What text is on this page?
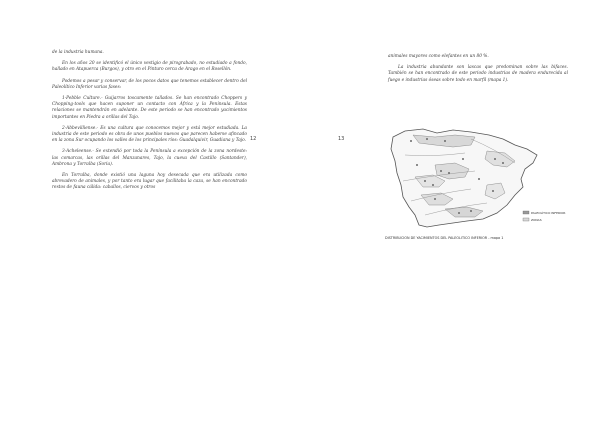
de la industria humana.

En los años 20 se identificó el único vestigio de pirograbado, no estudiado a fondo, hallado en Atapuerca (Burgos), y otro en el Pinturo cerca de Arago en el Rosellón.

Podemos a pesar y conservar, de los pocos datos que tenemos establecer dentro del Paleolítico Inferior varias fases:

1-Pebble Culture.- Guijarros toscamente tallados. Se han encontrado Choppers y Chopping-tools que hacen suponer un contacto con África y la Península. Estas relaciones se mantendrán en adelante. De este periodo se han encontrado yacimientos importantes en Piedra a orillas del Tajo.

2-Abbevilliense.- Es una cultura que conocemos mejor y está mejor estudiada. La industria de este periodo es obra de unos pueblos nuevos que parecen haberse afincado en la zona Sur ocupando los valles de los principales ríos: Guadalquivir, Guadiana y Tajo.

3-Acheleense.- Se extendió por toda la Península a excepción de la zona nordeste: las comarcas, las orillas del Manzanares, Tajo, la cueva del Castillo (Santander), Ambrona y Torralba (Soria).

En Torralba, donde existió una laguna hoy desecada que era utilizada como abrevadero de animales, y por tanto era lugar que facilitaba la caza, se han encontrado restos de fauna cálida: caballos, ciervos y otros

12	13

animales mayores como elefantes en un 80 %.

La industria abundante son lascas que predominan sobre las bifaces. También se han encontrado de este periodo industrias de madera endurecida al fuego e industrias óseas sobre todo en marfil (mapa 1).

PALEOLÍTICO INFERIOR
ZONAS
DISTRIBUCION DE YACIMIENTOS DEL PALEOLITICO INFERIOR - mapa 1
